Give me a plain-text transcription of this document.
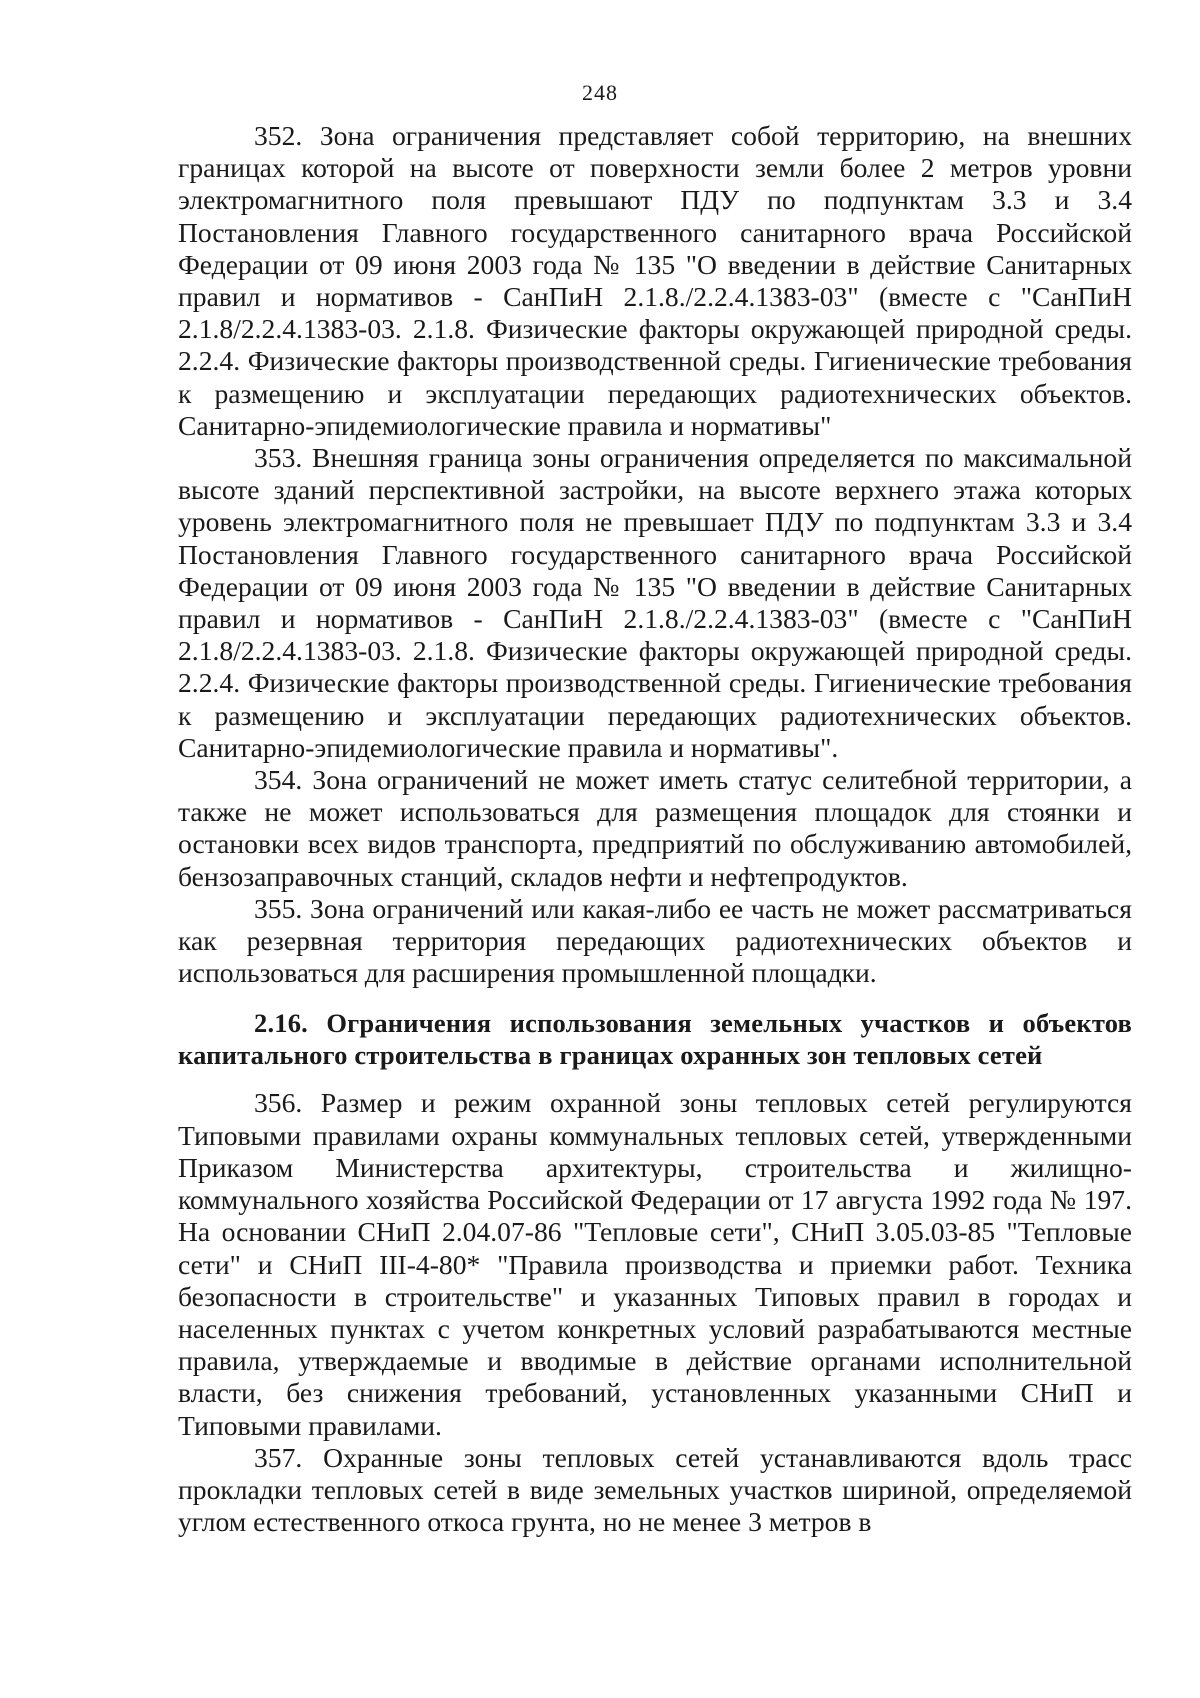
248

352. Зона ограничения представляет собой территорию, на внешних границах которой на высоте от поверхности земли более 2 метров уровни электромагнитного поля превышают ПДУ по подпунктам 3.3 и 3.4 Постановления Главного государственного санитарного врача Российской Федерации от 09 июня 2003 года № 135 "О введении в действие Санитарных правил и нормативов - СанПиН 2.1.8./2.2.4.1383-03" (вместе с "СанПиН 2.1.8/2.2.4.1383-03. 2.1.8. Физические факторы окружающей природной среды. 2.2.4. Физические факторы производственной среды. Гигиенические требования к размещению и эксплуатации передающих радиотехнических объектов. Санитарно-эпидемиологические правила и нормативы"

353. Внешняя граница зоны ограничения определяется по максимальной высоте зданий перспективной застройки, на высоте верхнего этажа которых уровень электромагнитного поля не превышает ПДУ по подпунктам 3.3 и 3.4 Постановления Главного государственного санитарного врача Российской Федерации от 09 июня 2003 года № 135 "О введении в действие Санитарных правил и нормативов - СанПиН 2.1.8./2.2.4.1383-03" (вместе с "СанПиН 2.1.8/2.2.4.1383-03. 2.1.8. Физические факторы окружающей природной среды. 2.2.4. Физические факторы производственной среды. Гигиенические требования к размещению и эксплуатации передающих радиотехнических объектов. Санитарно-эпидемиологические правила и нормативы".

354. Зона ограничений не может иметь статус селитебной территории, а также не может использоваться для размещения площадок для стоянки и остановки всех видов транспорта, предприятий по обслуживанию автомобилей, бензозаправочных станций, складов нефти и нефтепродуктов.

355. Зона ограничений или какая-либо ее часть не может рассматриваться как резервная территория передающих радиотехнических объектов и использоваться для расширения промышленной площадки.

2.16. Ограничения использования земельных участков и объектов капитального строительства в границах охранных зон тепловых сетей

356. Размер и режим охранной зоны тепловых сетей регулируются Типовыми правилами охраны коммунальных тепловых сетей, утвержденными Приказом Министерства архитектуры, строительства и жилищно-коммунального хозяйства Российской Федерации от 17 августа 1992 года № 197. На основании СНиП 2.04.07-86 "Тепловые сети", СНиП 3.05.03-85 "Тепловые сети" и СНиП III-4-80* "Правила производства и приемки работ. Техника безопасности в строительстве" и указанных Типовых правил в городах и населенных пунктах с учетом конкретных условий разрабатываются местные правила, утверждаемые и вводимые в действие органами исполнительной власти, без снижения требований, установленных указанными СНиП и Типовыми правилами.

357. Охранные зоны тепловых сетей устанавливаются вдоль трасс прокладки тепловых сетей в виде земельных участков шириной, определяемой углом естественного откоса грунта, но не менее 3 метров в
